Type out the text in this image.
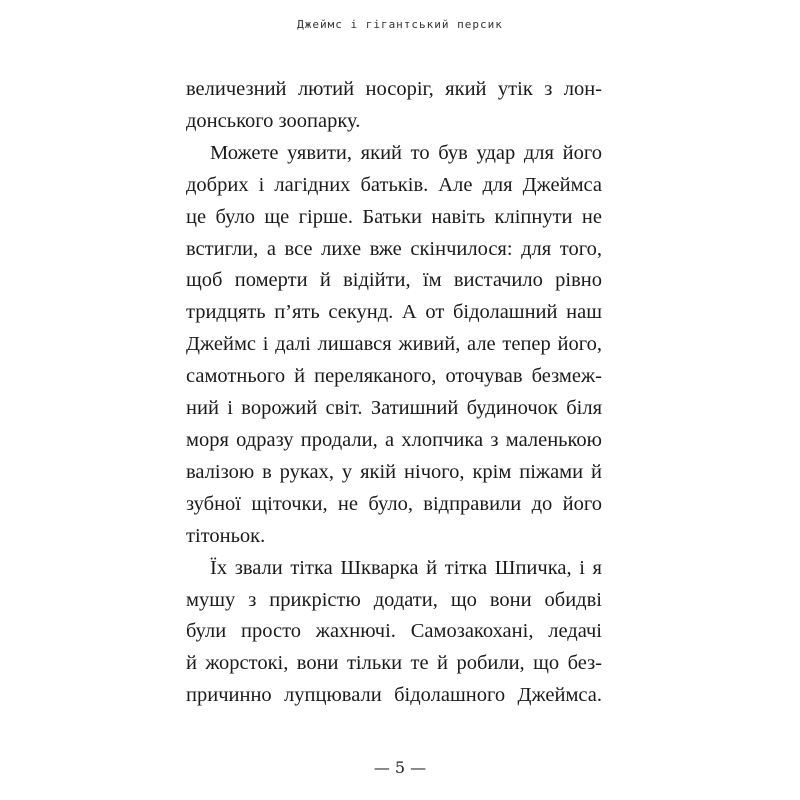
Джеймс і гігантський персик
величезний лютий носоріг, який утік з лон-
донського зоопарку.
Можете уявити, який то був удар для його
добрих і лагідних батьків. Але для Джеймса
це було ще гірше. Батьки навіть кліпнути не
встигли, а все лихе вже скінчилося: для того,
щоб померти й відійти, їм вистачило рівно
тридцять п’ять секунд. А от бідолашний наш
Джеймс і далі лишався живий, але тепер його,
самотнього й переляканого, оточував безмеж-
ний і ворожий світ. Затишний будиночок біля
моря одразу продали, а хлопчика з маленькою
валізою в руках, у якій нічого, крім піжами й
зубної щіточки, не було, відправили до його
тітоньок.
Їх звали тітка Шкварка й тітка Шпичка, і я
мушу з прикрістю додати, що вони обидві
були просто жахнючі. Самозакохані, ледачі
й жорстокі, вони тільки те й робили, що без-
причинно лупцювали бідолашного Джеймса.
— 5 —
